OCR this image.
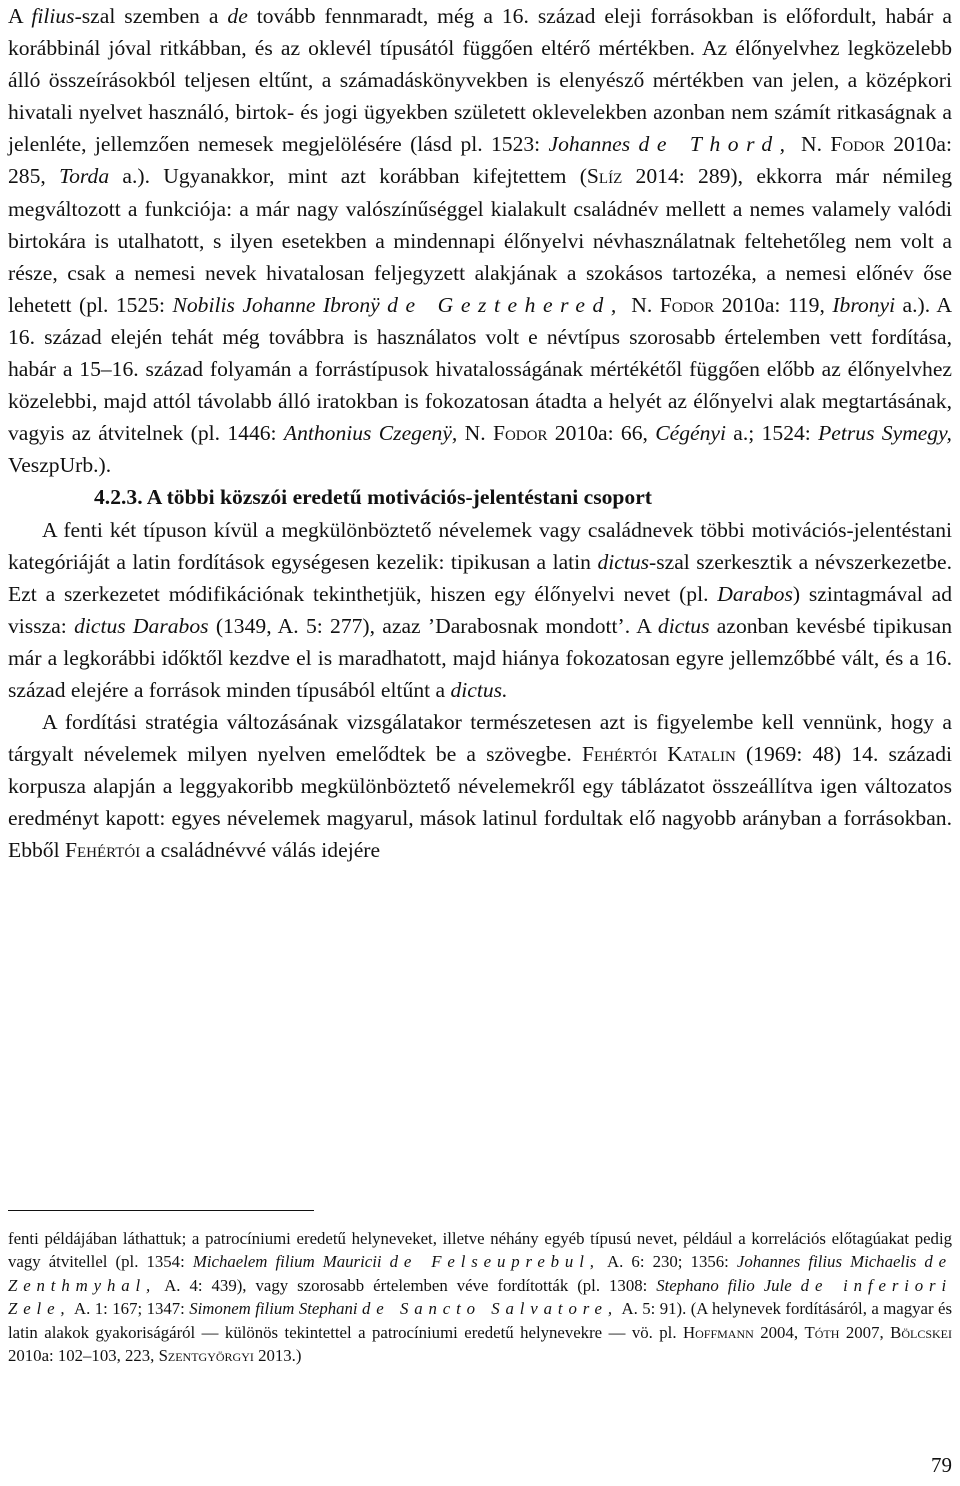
A filius-szal szemben a de tovább fennmaradt, még a 16. század eleji forrásokban is előfordult, habár a korábbinál jóval ritkábban, és az oklevél típusától függően eltérő mértékben. Az élőnyelvhez legközelebb álló összeírásokból teljesen eltűnt, a számadáskönyvekben is elenyésző mértékben van jelen, a középkori hivatali nyelvet használó, birtok- és jogi ügyekben született oklevelekben azonban nem számít ritkaságnak a jelenléte, jellemzően nemesek megjelölésére (lásd pl. 1523: Johannes de Thord, N. Fodor 2010a: 285, Torda a.). Ugyanakkor, mint azt korábban kifejtettem (Slíz 2014: 289), ekkorra már némileg megváltozott a funkciója: a már nagy valószínűséggel kialakult családnév mellett a nemes valamely valódi birtokára is utalhatott, s ilyen esetekben a mindennapi élőnyelvi névhasználatnak feltehetőleg nem volt a része, csak a nemesi nevek hivatalosan feljegyzett alakjának a szokásos tartozéka, a nemesi előnév őse lehetett (pl. 1525: Nobilis Johanne Ibronÿ de Geztehered, N. Fodor 2010a: 119, Ibronyi a.). A 16. század elején tehát még továbbra is használatos volt e névtípus szorosabb értelemben vett fordítása, habár a 15–16. század folyamán a forrástípusok hivatalosságának mértékétől függően előbb az élőnyelvhez közelebbi, majd attól távolabb álló iratokban is fokozatosan átadta a helyét az élőnyelvi alak megtartásának, vagyis az átvitelnek (pl. 1446: Anthonius Czegenÿ, N. Fodor 2010a: 66, Cégényi a.; 1524: Petrus Symegy, VeszpUrb.).

4.2.3. A többi közszói eredetű motivációs-jelentéstani csoport

A fenti két típuson kívül a megkülönböztető névelemek vagy családnevek többi motivációs-jelentéstani kategóriáját a latin fordítások egységesen kezelik: tipikusan a latin dictus-szal szerkesztik a névszerkezetbe. Ezt a szerkezetet módifikációnak tekinthetjük, hiszen egy élőnyelvi nevet (pl. Darabos) szintagmával ad vissza: dictus Darabos (1349, A. 5: 277), azaz ’Darabosnak mondott’. A dictus azonban kevésbé tipikusan már a legkorábbi időktől kezdve el is maradhatott, majd hiánya fokozatosan egyre jellemzőbbé vált, és a 16. század elejére a források minden típusából eltűnt a dictus.

A fordítási stratégia változásának vizsgálatakor természetesen azt is figyelembe kell vennünk, hogy a tárgyalt névelemek milyen nyelven emelődtek be a szövegbe. Fehértói Katalin (1969: 48) 14. századi korpusza alapján a leggyakoribb megkülönböztető névelemekről egy táblázatot összeállítva igen változatos eredményt kapott: egyes névelemek magyarul, mások latinul fordultak elő nagyobb arányban a forrásokban. Ebből Fehértói a családnévvé válás idejére

fenti példájában láthattuk; a patrocíniumi eredetű helyneveket, illetve néhány egyéb típusú nevet, például a korrelációs előtagúakat pedig vagy átvitellel (pl. 1354: Michaelem filium Mauricii de Felseuprebul, A. 6: 230; 1356: Johannes filius Michaelis de Zenthmyhal, A. 4: 439), vagy szorosabb értelemben véve fordították (pl. 1308: Stephano filio Jule de inferiori Zele, A. 1: 167; 1347: Simonem filium Stephani de Sancto Salvatore, A. 5: 91). (A helynevek fordításáról, a magyar és latin alakok gyakoriságáról — különös tekintettel a patrocíniumi eredetű helynevekre — vö. pl. Hoffmann 2004, Tóth 2007, Bölcskei 2010a: 102–103, 223, Szentgyörgyi 2013.)
79
